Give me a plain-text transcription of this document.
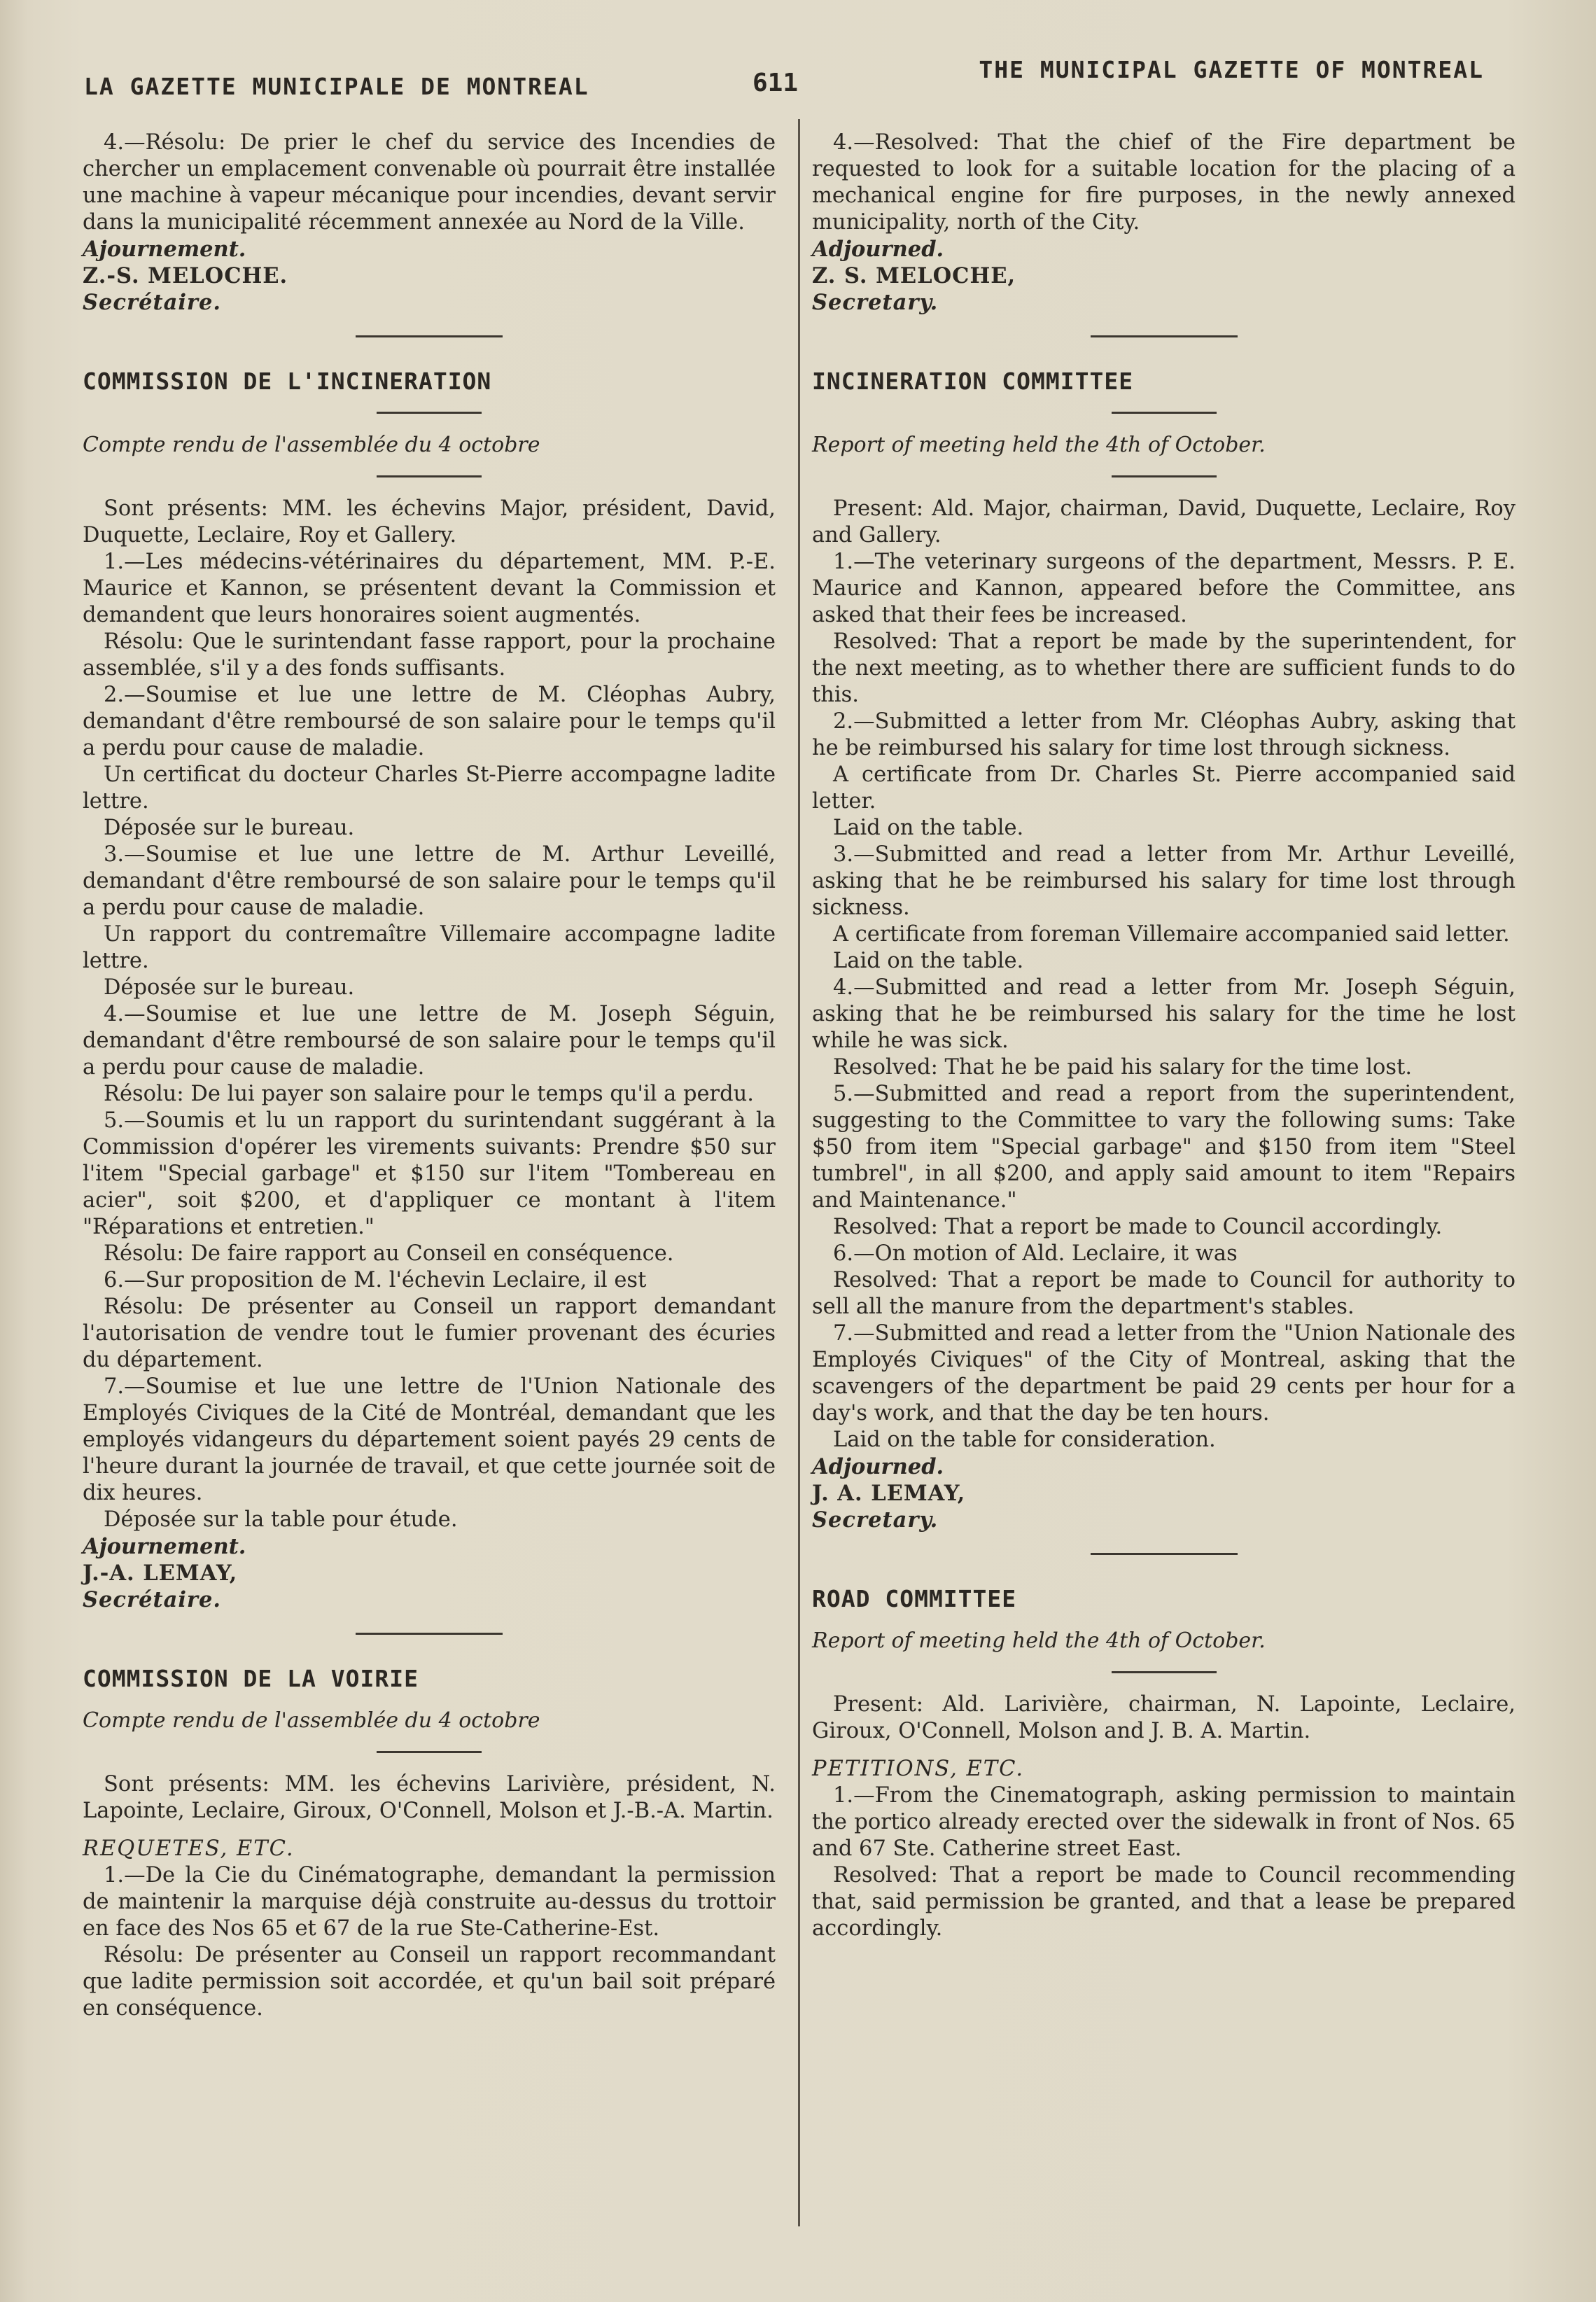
LA GAZETTE MUNICIPALE DE MONTREAL	611	THE MUNICIPAL GAZETTE OF MONTREAL

4.—Résolu: De prier le chef du service des Incendies de chercher un emplacement convenable où pourrait être installée une machine à vapeur mécanique pour incendies, devant servir dans la municipalité récemment annexée au Nord de la Ville.

Ajournement.

Z.-S. MELOCHE.
Secrétaire.

COMMISSION DE L'INCINERATION

Compte rendu de l'assemblée du 4 octobre

Sont présents: MM. les échevins Major, président, David, Duquette, Leclaire, Roy et Gallery.

1.—Les médecins-vétérinaires du département, MM. P.-E. Maurice et Kannon, se présentent devant la Commission et demandent que leurs honoraires soient augmentés.

Résolu: Que le surintendant fasse rapport, pour la prochaine assemblée, s'il y a des fonds suffisants.

2.—Soumise et lue une lettre de M. Cléophas Aubry, demandant d'être remboursé de son salaire pour le temps qu'il a perdu pour cause de maladie.

Un certificat du docteur Charles St-Pierre accompagne ladite lettre.

Déposée sur le bureau.

3.—Soumise et lue une lettre de M. Arthur Leveillé, demandant d'être remboursé de son salaire pour le temps qu'il a perdu pour cause de maladie.

Un rapport du contremaître Villemaire accompagne ladite lettre.

Déposée sur le bureau.

4.—Soumise et lue une lettre de M. Joseph Séguin, demandant d'être remboursé de son salaire pour le temps qu'il a perdu pour cause de maladie.

Résolu: De lui payer son salaire pour le temps qu'il a perdu.

5.—Soumis et lu un rapport du surintendant suggérant à la Commission d'opérer les virements suivants: Prendre $50 sur l'item "Special garbage" et $150 sur l'item "Tombereau en acier", soit $200, et d'appliquer ce montant à l'item "Réparations et entretien."

Résolu: De faire rapport au Conseil en conséquence.

6.—Sur proposition de M. l'échevin Leclaire, il est

Résolu: De présenter au Conseil un rapport demandant l'autorisation de vendre tout le fumier provenant des écuries du département.

7.—Soumise et lue une lettre de l'Union Nationale des Employés Civiques de la Cité de Montréal, demandant que les employés vidangeurs du département soient payés 29 cents de l'heure durant la journée de travail, et que cette journée soit de dix heures.

Déposée sur la table pour étude.

Ajournement.

J.-A. LEMAY,
Secrétaire.

COMMISSION DE LA VOIRIE

Compte rendu de l'assemblée du 4 octobre

Sont présents: MM. les échevins Larivière, président, N. Lapointe, Leclaire, Giroux, O'Connell, Molson et J.-B.-A. Martin.

REQUETES, ETC.

1.—De la Cie du Cinématographe, demandant la permission de maintenir la marquise déjà construite au-dessus du trottoir en face des Nos 65 et 67 de la rue Ste-Catherine-Est.

Résolu: De présenter au Conseil un rapport recommandant que ladite permission soit accordée, et qu'un bail soit préparé en conséquence.

4.—Resolved: That the chief of the Fire department be requested to look for a suitable location for the placing of a mechanical engine for fire purposes, in the newly annexed municipality, north of the City.

Adjourned.

Z. S. MELOCHE,
Secretary.

INCINERATION COMMITTEE

Report of meeting held the 4th of October.

Present: Ald. Major, chairman, David, Duquette, Leclaire, Roy and Gallery.

1.—The veterinary surgeons of the department, Messrs. P. E. Maurice and Kannon, appeared before the Committee, ans asked that their fees be increased.

Resolved: That a report be made by the superintendent, for the next meeting, as to whether there are sufficient funds to do this.

2.—Submitted a letter from Mr. Cléophas Aubry, asking that he be reimbursed his salary for time lost through sickness.

A certificate from Dr. Charles St. Pierre accompanied said letter.

Laid on the table.

3.—Submitted and read a letter from Mr. Arthur Leveillé, asking that he be reimbursed his salary for time lost through sickness.

A certificate from foreman Villemaire accompanied said letter.

Laid on the table.

4.—Submitted and read a letter from Mr. Joseph Séguin, asking that he be reimbursed his salary for the time he lost while he was sick.

Resolved: That he be paid his salary for the time lost.

5.—Submitted and read a report from the superintendent, suggesting to the Committee to vary the following sums: Take $50 from item "Special garbage" and $150 from item "Steel tumbrel", in all $200, and apply said amount to item "Repairs and Maintenance."

Resolved: That a report be made to Council accordingly.

6.—On motion of Ald. Leclaire, it was

Resolved: That a report be made to Council for authority to sell all the manure from the department's stables.

7.—Submitted and read a letter from the "Union Nationale des Employés Civiques" of the City of Montreal, asking that the scavengers of the department be paid 29 cents per hour for a day's work, and that the day be ten hours.

Laid on the table for consideration.

Adjourned.

J. A. LEMAY,
Secretary.

ROAD COMMITTEE

Report of meeting held the 4th of October.

Present: Ald. Larivière, chairman, N. Lapointe, Leclaire, Giroux, O'Connell, Molson and J. B. A. Martin.

PETITIONS, ETC.

1.—From the Cinematograph, asking permission to maintain the portico already erected over the sidewalk in front of Nos. 65 and 67 Ste. Catherine street East.

Resolved: That a report be made to Council recommending that, said permission be granted, and that a lease be prepared accordingly.
